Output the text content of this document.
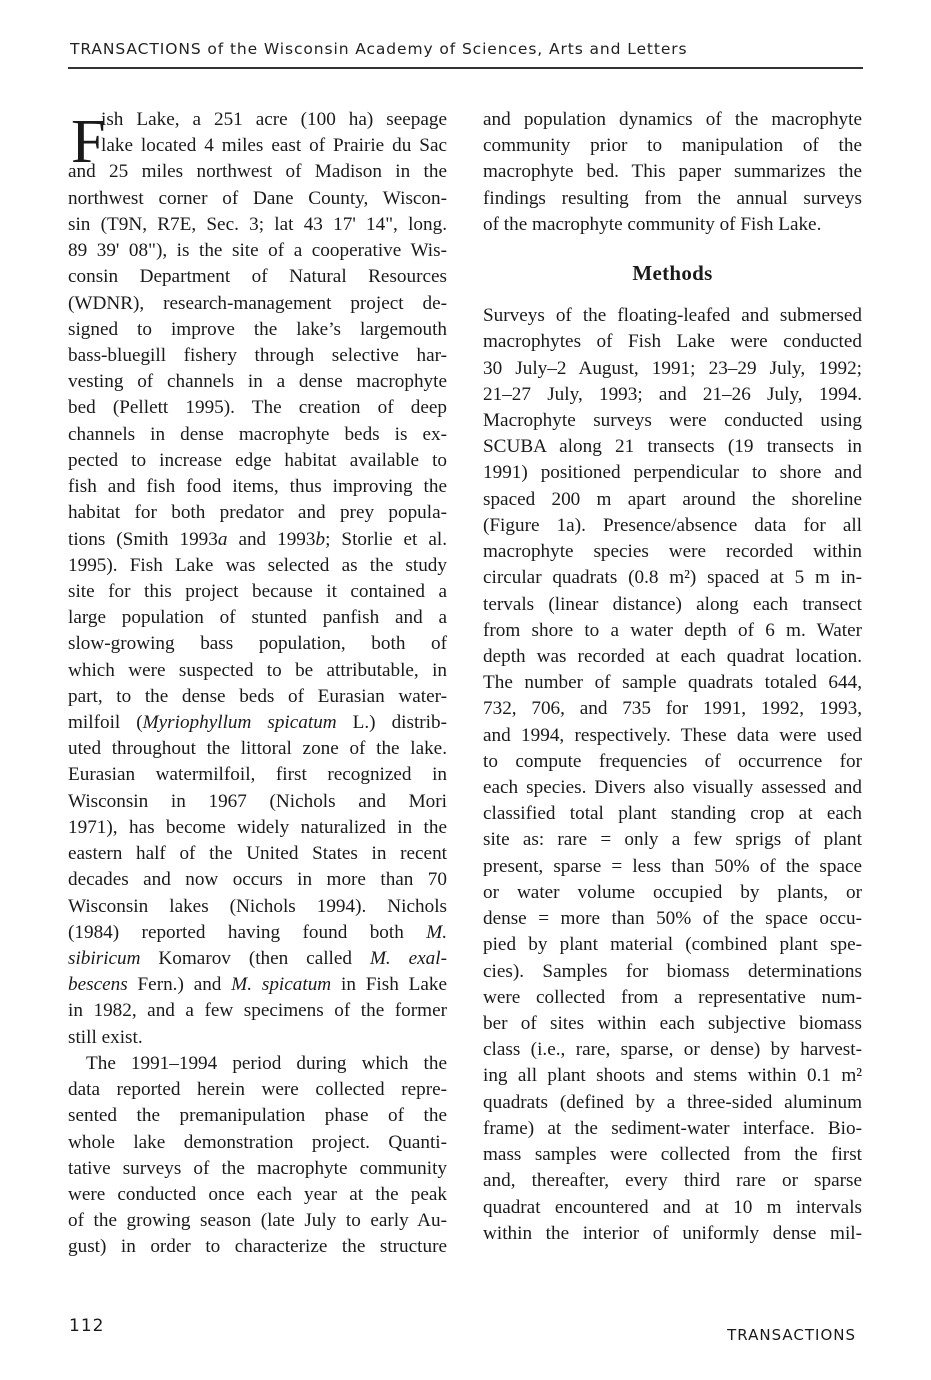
TRANSACTIONS of the Wisconsin Academy of Sciences, Arts and Letters
F
ish Lake, a 251 acre (100 ha) seepage
lake located 4 miles east of Prairie du Sac
and 25 miles northwest of Madison in the
northwest corner of Dane County, Wiscon-
sin (T9N, R7E, Sec. 3; lat 43 17' 14", long.
89 39' 08"), is the site of a cooperative Wis-
consin Department of Natural Resources
(WDNR), research-management project de-
signed to improve the lake’s largemouth
bass-bluegill fishery through selective har-
vesting of channels in a dense macrophyte
bed (Pellett 1995). The creation of deep
channels in dense macrophyte beds is ex-
pected to increase edge habitat available to
fish and fish food items, thus improving the
habitat for both predator and prey popula-
tions (Smith 1993a and 1993b; Storlie et al.
1995). Fish Lake was selected as the study
site for this project because it contained a
large population of stunted panfish and a
slow-growing bass population, both of
which were suspected to be attributable, in
part, to the dense beds of Eurasian water-
milfoil (Myriophyllum spicatum L.) distrib-
uted throughout the littoral zone of the lake.
Eurasian watermilfoil, first recognized in
Wisconsin in 1967 (Nichols and Mori
1971), has become widely naturalized in the
eastern half of the United States in recent
decades and now occurs in more than 70
Wisconsin lakes (Nichols 1994). Nichols
(1984) reported having found both M.
sibiricum Komarov (then called M. exal-
bescens Fern.) and M. spicatum in Fish Lake
in 1982, and a few specimens of the former
still exist.
The 1991–1994 period during which the
data reported herein were collected repre-
sented the premanipulation phase of the
whole lake demonstration project. Quanti-
tative surveys of the macrophyte community
were conducted once each year at the peak
of the growing season (late July to early Au-
gust) in order to characterize the structure
and population dynamics of the macrophyte
community prior to manipulation of the
macrophyte bed. This paper summarizes the
findings resulting from the annual surveys
of the macrophyte community of Fish Lake.
Methods
Surveys of the floating-leafed and submersed
macrophytes of Fish Lake were conducted
30 July–2 August, 1991; 23–29 July, 1992;
21–27 July, 1993; and 21–26 July, 1994.
Macrophyte surveys were conducted using
SCUBA along 21 transects (19 transects in
1991) positioned perpendicular to shore and
spaced 200 m apart around the shoreline
(Figure 1a). Presence/absence data for all
macrophyte species were recorded within
circular quadrats (0.8 m²) spaced at 5 m in-
tervals (linear distance) along each transect
from shore to a water depth of 6 m. Water
depth was recorded at each quadrat location.
The number of sample quadrats totaled 644,
732, 706, and 735 for 1991, 1992, 1993,
and 1994, respectively. These data were used
to compute frequencies of occurrence for
each species. Divers also visually assessed and
classified total plant standing crop at each
site as: rare = only a few sprigs of plant
present, sparse = less than 50% of the space
or water volume occupied by plants, or
dense = more than 50% of the space occu-
pied by plant material (combined plant spe-
cies). Samples for biomass determinations
were collected from a representative num-
ber of sites within each subjective biomass
class (i.e., rare, sparse, or dense) by harvest-
ing all plant shoots and stems within 0.1 m²
quadrats (defined by a three-sided aluminum
frame) at the sediment-water interface. Bio-
mass samples were collected from the first
and, thereafter, every third rare or sparse
quadrat encountered and at 10 m intervals
within the interior of uniformly dense mil-
112	TRANSACTIONS
